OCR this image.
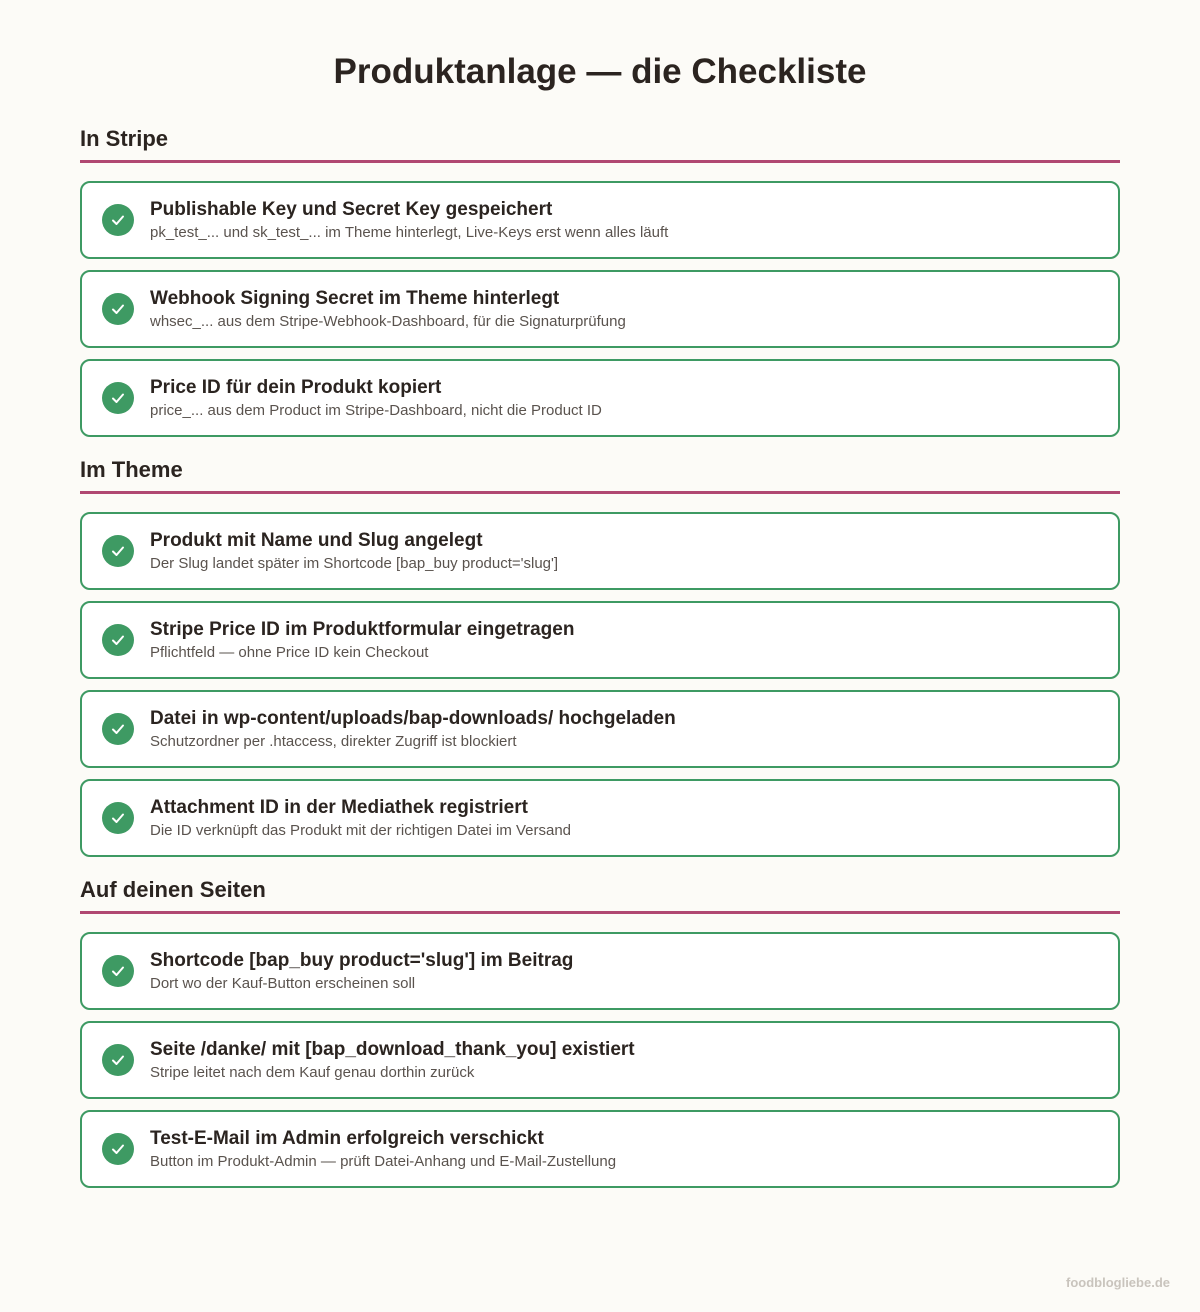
Produktanlage — die Checkliste
In Stripe
Publishable Key und Secret Key gespeichert
pk_test_... und sk_test_... im Theme hinterlegt, Live-Keys erst wenn alles läuft
Webhook Signing Secret im Theme hinterlegt
whsec_... aus dem Stripe-Webhook-Dashboard, für die Signaturprüfung
Price ID für dein Produkt kopiert
price_... aus dem Product im Stripe-Dashboard, nicht die Product ID
Im Theme
Produkt mit Name und Slug angelegt
Der Slug landet später im Shortcode [bap_buy product='slug']
Stripe Price ID im Produktformular eingetragen
Pflichtfeld — ohne Price ID kein Checkout
Datei in wp-content/uploads/bap-downloads/ hochgeladen
Schutzordner per .htaccess, direkter Zugriff ist blockiert
Attachment ID in der Mediathek registriert
Die ID verknüpft das Produkt mit der richtigen Datei im Versand
Auf deinen Seiten
Shortcode [bap_buy product='slug'] im Beitrag
Dort wo der Kauf-Button erscheinen soll
Seite /danke/ mit [bap_download_thank_you] existiert
Stripe leitet nach dem Kauf genau dorthin zurück
Test-E-Mail im Admin erfolgreich verschickt
Button im Produkt-Admin — prüft Datei-Anhang und E-Mail-Zustellung
foodblogliebe.de
